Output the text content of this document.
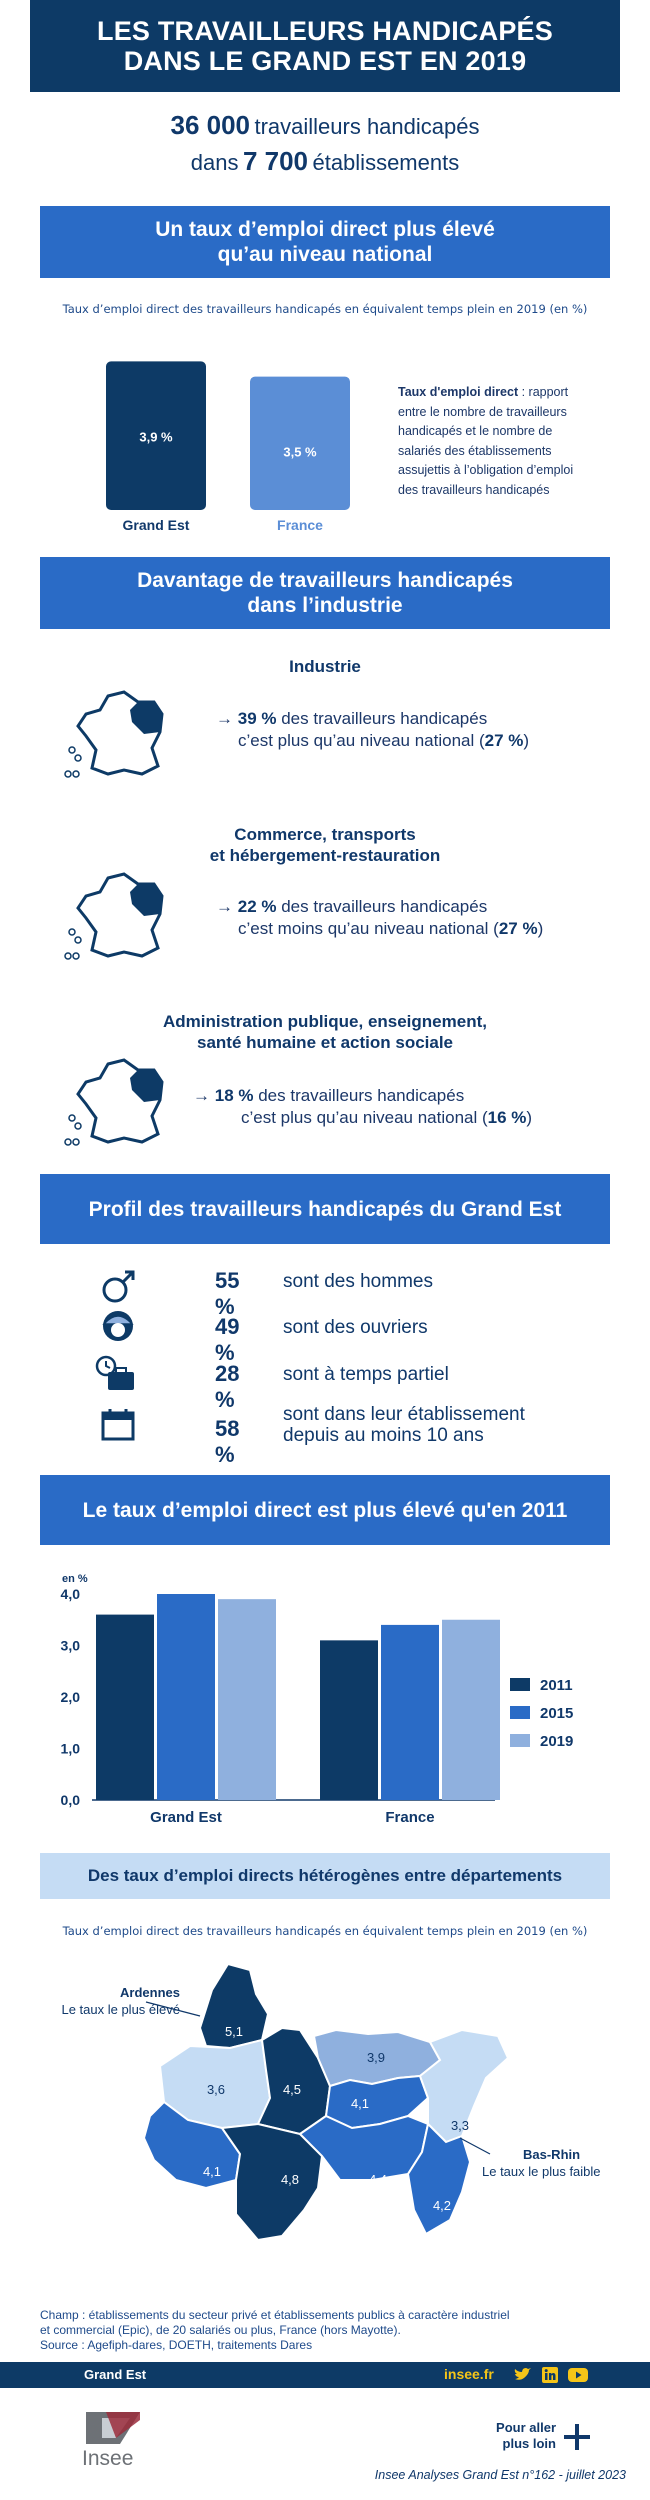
LES TRAVAILLEURS HANDICAPÉS
DANS LE GRAND EST EN 2019
36 000 travailleurs handicapés
dans 7 700 établissements
Un taux d’emploi direct plus élevé
qu’au niveau national
Taux d’emploi direct des travailleurs handicapés en équivalent temps plein en 2019 (en %)
3,9 %
Grand Est
3,5 %
France
Taux d'emploi direct : rapport
entre le nombre de travailleurs
handicapés et le nombre de
salariés des établissements
assujettis à l’obligation d’emploi
des travailleurs handicapés
Davantage de travailleurs handicapés
dans l’industrie
Industrie
→ 39 % des travailleurs handicapés
c’est plus qu’au niveau national (27 %)
Commerce, transports
et hébergement-restauration
→ 22 % des travailleurs handicapés
c’est moins qu’au niveau national (27 %)
Administration publique, enseignement,
santé humaine et action sociale
→ 18 % des travailleurs handicapés
c’est plus qu’au niveau national (16 %)
Profil des travailleurs handicapés du Grand Est
55 %
sont des hommes
49 %
sont des ouvriers
28 %
sont à temps partiel
58 %
sont dans leur établissement
depuis au moins 10 ans
Le taux d’emploi direct est plus élevé qu'en 2011
en %
0,0
1,0
2,0
3,0
4,0
Grand Est	France
2011
2015
2019
Des taux d’emploi directs hétérogènes entre départements
Taux d’emploi direct des travailleurs handicapés en équivalent temps plein en 2019 (en %)
5,1
3,6	4,5
3,9
4,1
3,3
4,1
4,8	4,4
4,2
Ardennes
Le taux le plus élevé
Bas-Rhin
Le taux le plus faible
Champ : établissements du secteur privé et établissements publics à caractère industriel
et commercial (Epic), de 20 salariés ou plus, France (hors Mayotte).
Source : Agefiph-dares, DOETH, traitements Dares
Grand Est	insee.fr
Insee
Pour aller
plus loin
Insee Analyses Grand Est n°162 - juillet 2023
